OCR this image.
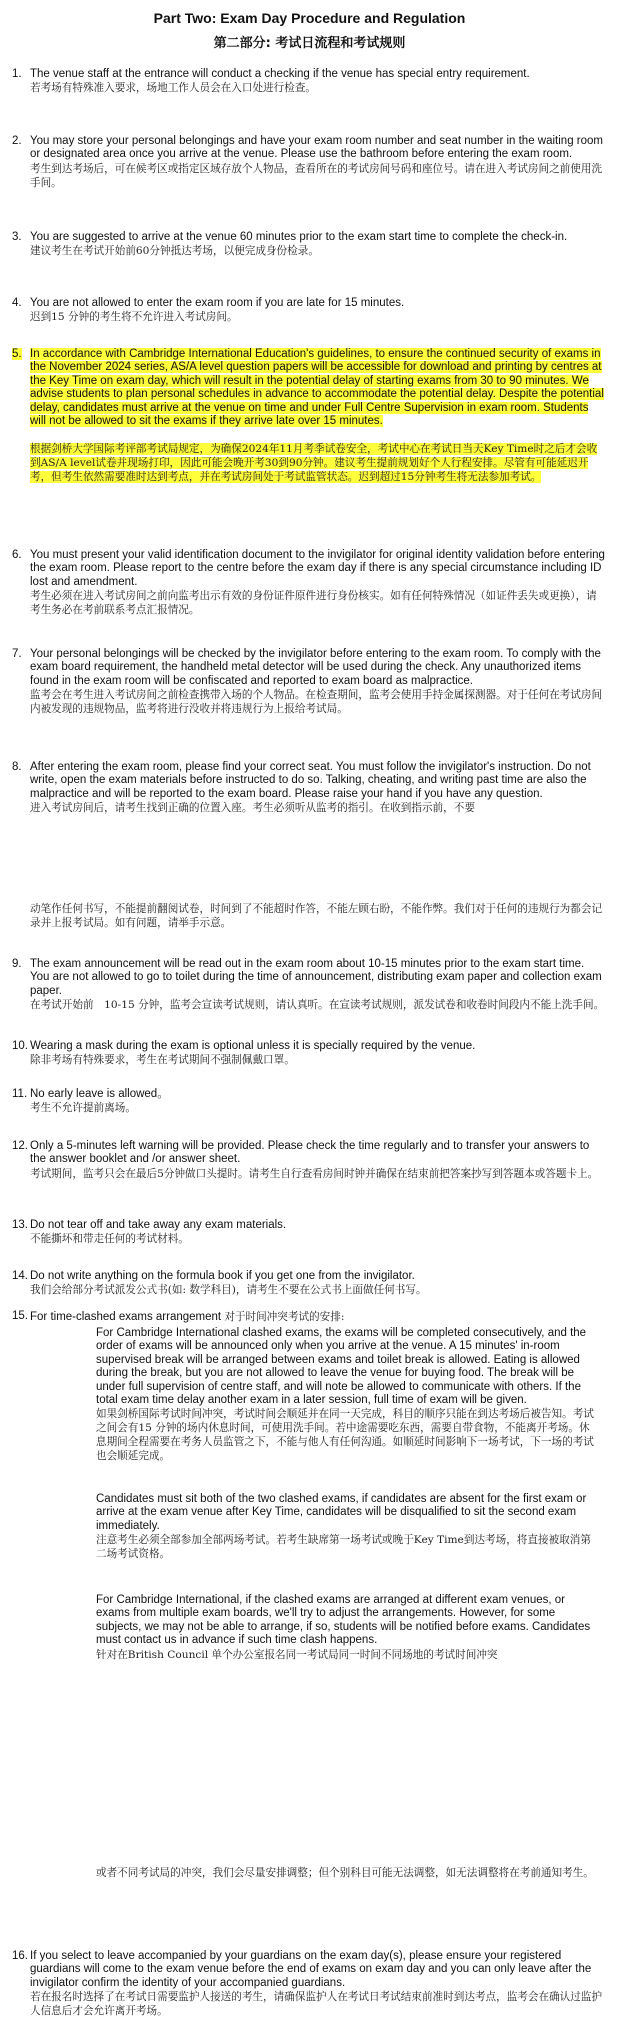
Part Two: Exam Day Procedure and Regulation
第二部分: 考试日流程和考试规则
1. The venue staff at the entrance will conduct a checking if the venue has special entry requirement.
若考场有特殊准入要求，场地工作人员会在入口处进行检查。
2. You may store your personal belongings and have your exam room number and seat number in the waiting room or designated area once you arrive at the venue. Please use the bathroom before entering the exam room.
考生到达考场后，可在候考区或指定区域存放个人物品，查看所在的考试房间号码和座位号。请在进入考试房间之前使用洗手间。
3. You are suggested to arrive at the venue 60 minutes prior to the exam start time to complete the check-in.
建议考生在考试开始前60分钟抵达考场，以便完成身份检录。
4. You are not allowed to enter the exam room if you are late for 15 minutes.
迟到15 分钟的考生将不允许进入考试房间。
5. In accordance with Cambridge International Education's guidelines, to ensure the continued security of exams in the November 2024 series, AS/A level question papers will be accessible for download and printing by centres at the Key Time on exam day, which will result in the potential delay of starting exams from 30 to 90 minutes. We advise students to plan personal schedules in advance to accommodate the potential delay. Despite the potential delay, candidates must arrive at the venue on time and under Full Centre Supervision in exam room. Students will not be allowed to sit the exams if they arrive late over 15 minutes.
根据剑桥大学国际考评部考试局规定，为确保2024年11月考季试卷安全，考试中心在考试日当天Key Time时之后才会收到AS/A level试卷并现场打印，因此可能会晚开考30到90分钟。建议考生提前规划好个人行程安排。尽管有可能延迟开考，但考生依然需要准时达到考点，并在考试房间处于考试监管状态。迟到超过15分钟考生将无法参加考试。
6. You must present your valid identification document to the invigilator for original identity validation before entering the exam room. Please report to the centre before the exam day if there is any special circumstance including ID lost and amendment.
考生必须在进入考试房间之前向监考出示有效的身份证件原件进行身份核实。如有任何特殊情况（如证件丢失或更换），请考生务必在考前联系考点汇报情况。
7. Your personal belongings will be checked by the invigilator before entering to the exam room. To comply with the exam board requirement, the handheld metal detector will be used during the check. Any unauthorized items found in the exam room will be confiscated and reported to exam board as malpractice.
监考会在考生进入考试房间之前检查携带入场的个人物品。在检查期间，监考会使用手持金属探测器。对于任何在考试房间内被发现的违规物品，监考将进行没收并将违规行为上报给考试局。
8. After entering the exam room, please find your correct seat. You must follow the invigilator's instruction. Do not write, open the exam materials before instructed to do so. Talking, cheating, and writing past time are also the malpractice and will be reported to the exam board. Please raise your hand if you have any question.
进入考试房间后，请考生找到正确的位置入座。考生必须听从监考的指引。在收到指示前，不要
动笔作任何书写，不能提前翻阅试卷，时间到了不能超时作答，不能左顾右盼，不能作弊。我们对于任何的违规行为都会记录并上报考试局。如有问题，请举手示意。
9. The exam announcement will be read out in the exam room about 10-15 minutes prior to the exam start time. You are not allowed to go to toilet during the time of announcement, distributing exam paper and collection exam paper.
在考试开始前　10-15 分钟，监考会宣读考试规则，请认真听。在宣读考试规则，派发试卷和收卷时间段内不能上洗手间。
10. Wearing a mask during the exam is optional unless it is specially required by the venue.
除非考场有特殊要求，考生在考试期间不强制佩戴口罩。
11. No early leave is allowed。
考生不允许提前离场。
12. Only a 5-minutes left warning will be provided. Please check the time regularly and to transfer your answers to the answer booklet and /or answer sheet.
考试期间，监考只会在最后5分钟做口头提时。请考生自行查看房间时钟并确保在结束前把答案抄写到答题本或答题卡上。
13. Do not tear off and take away any exam materials.
不能撕坏和带走任何的考试材料。
14. Do not write anything on the formula book if you get one from the invigilator.
我们会给部分考试派发公式书(如: 数学科目)，请考生不要在公式书上面做任何书写。
15. For time-clashed exams arrangement 对于时间冲突考试的安排:
For Cambridge International clashed exams, the exams will be completed consecutively, and the order of exams will be announced only when you arrive at the venue. A 15 minutes' in-room supervised break will be arranged between exams and toilet break is allowed. Eating is allowed during the break, but you are not allowed to leave the venue for buying food. The break will be under full supervision of centre staff, and will note be allowed to communicate with others. If the total exam time delay another exam in a later session, full time of exam will be given.
如果剑桥国际考试时间冲突，考试时间会顺延并在同一天完成，科目的顺序只能在到达考场后被告知。考试之间会有15 分钟的场内休息时间，可使用洗手间。若中途需要吃东西，需要自带食物，不能离开考场。休息期间全程需要在考务人员监管之下，不能与他人有任何沟通。如顺延时间影响下一场考试，下一场的考试也会顺延完成。
Candidates must sit both of the two clashed exams, if candidates are absent for the first exam or arrive at the exam venue after Key Time, candidates will be disqualified to sit the second exam immediately.
注意考生必须全部参加全部两场考试。若考生缺席第一场考试或晚于Key Time到达考场，将直接被取消第二场考试资格。
For Cambridge International, if the clashed exams are arranged at different exam venues, or exams from multiple exam boards, we'll try to adjust the arrangements. However, for some subjects, we may not be able to arrange, if so, students will be notified before exams. Candidates must contact us in advance if such time clash happens.
针对在British Council 单个办公室报名同一考试局同一时间不同场地的考试时间冲突
或者不同考试局的冲突，我们会尽量安排调整；但个别科目可能无法调整，如无法调整将在考前通知考生。
16. If you select to leave accompanied by your guardians on the exam day(s), please ensure your registered guardians will come to the exam venue before the end of exams on exam day and you can only leave after the invigilator confirm the identity of your accompanied guardians.
若在报名时选择了在考试日需要监护人接送的考生，请确保监护人在考试日考试结束前准时到达考点，监考会在确认过监护人信息后才会允许离开考场。
